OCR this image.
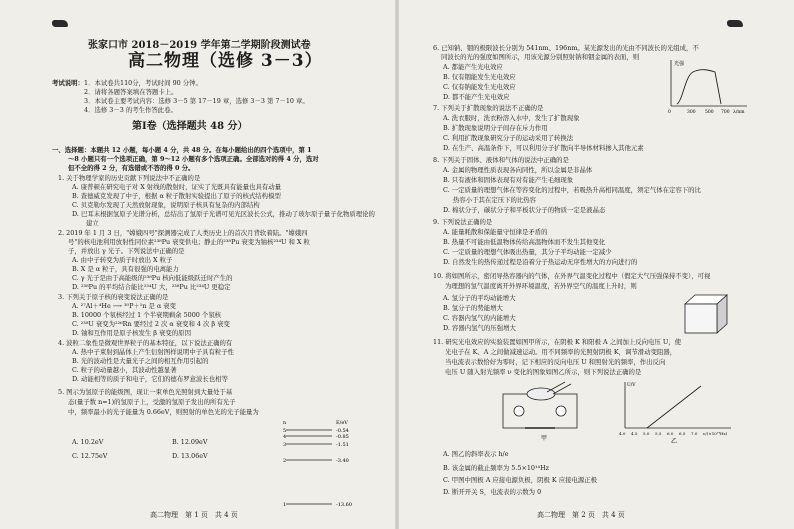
张家口市 2018－2019 学年第二学期阶段测试卷
高二物理（选修 3－3）
考试说明： 1．本试卷共110分，考试时间 90 分钟。
2．请将各题答案填在答题卡上。
3．本试卷主要考试内容：选修 3－5 第 17－19 章，选修 3－3 第 7－10 章。
4．选修 3－3 的考生作答此卷。
第Ⅰ卷（选择题共 48 分）
一、选择题：本题共 12 小题，每小题 4 分，共 48 分。在每小题给出的四个选项中，第 1
～8 小题只有一个选项正确，第 9～12 小题有多个选项正确。全部选对的得 4 分，选对
但不全的得 2 分，有选错或不答的得 0 分。
1. 关于物理学家的历史贡献下列说法中不正确的是
A. 康普顿在研究电子对 X 射线的散射时，证实了光既具有能量也具有动量
B. 查德威克发现了中子，根据 α 粒子散射实验提出了原子的核式结构模型
C. 贝克勒尔发现了天然放射现象，说明原子核具有复杂的内部结构
D. 巴耳末根据氢原子光谱分析，总结出了氢原子光谱可见光区波长公式，推动了玻尔原子量子化物质理论的
建立
2. 2019 年 1 月 3 日，"嫦娥四号"探测器完成了人类历史上的首次月背软着陆。"嫦娥四
号"的核电池利用放射性同位素²³⁸Pu 衰变供电；静止的²³⁸Pu 衰变为铀核²³⁴U 和 X 粒
子，并放出 γ 光子。下列说法中正确的是
A. 由中子转变为质子时放出 X 粒子
B. X 是 α 粒子，具有很强的电离能力
C. γ 光子是由于高能级的²³⁸Pu 核向低能级跃迁时产生的
D. ²³⁸Pu 的平均结合能比²³⁴U 大，²³⁸Pu 比²³⁴U 更稳定
3. 下列关于原子核的衰变说法正确的是
A. ²⁷Al＋⁴He ⟶ ³⁰P＋¹n 是 α 衰变
B. 10000 个氡核经过 1 个半衰期剩余 5000 个氡核
C. ²³⁸U 衰变为²²⁶Rn 要经过 2 次 α 衰变和 4 次 β 衰变
D. 铀和互作用是原子核发生 β 衰变的原因
4. 波粒二象性是微观世界粒子的基本特征，以下说法正确的有
A. 热中子束射到晶体上产生衍射图样说明中子具有粒子性
B. 光的波动性是大量光子之间的相互作用引起的
C. 粒子的动量越小，其波动性越显著
D. 动能相等的质子和电子，它们的德布罗意波长也相等
5. 图示为氢原子的能级图，现让一束单色光照射到大量处于基
态(量子数 n=1)的氢原子上，受激的氢原子发出的所有光子
中，频率最小的光子能量为 0.66eV，则照射的单色光的光子能量为
A. 10.2eV	B. 12.09eV
C. 12.75eV	D. 13.06eV
n
5
4
3
2
1
E/eV
-0.54
-0.85
-1.51
-3.40
-13.60
高二物理　第 1 页　共 4 页
6. 已知钠、铟的极限波长分别为 541nm、196nm。某光源发出的光由不同波长的光组成，不
同波长的光的强度如图所示，用该光源分别照射钠和铟金属的表面，则
A. 都能产生光电效应
B. 仅有铟能发生光电效应
C. 仅有钠能发生光电效应
D. 都不能产生光电效应
光强
0	300 500 700 λ/nm
7. 下列关于扩散现象的说法不正确的是
A. 洗衣服时，洗衣粉溶入水中，发生了扩散现象
B. 扩散现象说明分子间存在斥力作用
C. 利用扩散现象研究分子的运动采用了转换法
D. 在生产、高温条件下，可以利用分子扩散向半导体材料掺入其他元素
8. 下列关于固体、液体和气体的说法中正确的是
A. 金属的物理性质表现各向同性，所以金属是非晶体
B. 只有液体和固体表现有对有能产生毛细现象
C. 一定质量的理想气体在等容变化的过程中，若吸热升高相同温度，须定气体在定容下的比
热容小于其在定压下的比热容
D. 棉状分子，碳状分子和平板状分子的物质一定是液晶态
9. 下列说法正确的是
A. 能量耗散和保能量守恒律是矛盾的
B. 热量不可能由低温物体传给高温物体而不发生其他变化
C. 一定质量的理想气体吸出热量，其分子平均动能一定减少
D. 自然发生的热传递过程是沿着分子热运动无序性增大的方向进行的
10. 将如图所示，密闭导热容器内的气体，在外界气温变化过程中（假定大气压强保持不变），可视
为理想的氢气温度离开外界环境温度，若外界空气的温度上升时，则
A. 氢分子的平均动能增大
B. 氢分子的势能增大
C. 容器内氢气的内能增大
D. 容器内氢气的压强增大
11. 研究光电效应的实验装置如图甲所示，在阴极 K 和阳极 A 之间加上反向电压 U，使
光电子在 K、A 之间做减速运动。用不同频率的光照射阴极 K，调节滑动变阻器，
当电流表示数恰好为零时，记下相应的反向电压 U 和照射光的频率，作出反向
电压 U 随入射光频率 ν 变化的图象如图乙所示，则下列说法正确的是
甲
U/V
4.0 4.5 5.0 5.5 6.0 6.5 7.0 ν/(×10¹⁴Hz)
乙
A. 图乙的斜率表示 h/e
B. 该金属的截止频率为 5.5×10¹⁴Hz
C. 甲图中图极 A 应接电源负极，阴极 K 应接电源正极
D. 断开开关 S，电流表的示数为 0
高二物理　第 2 页　共 4 页
